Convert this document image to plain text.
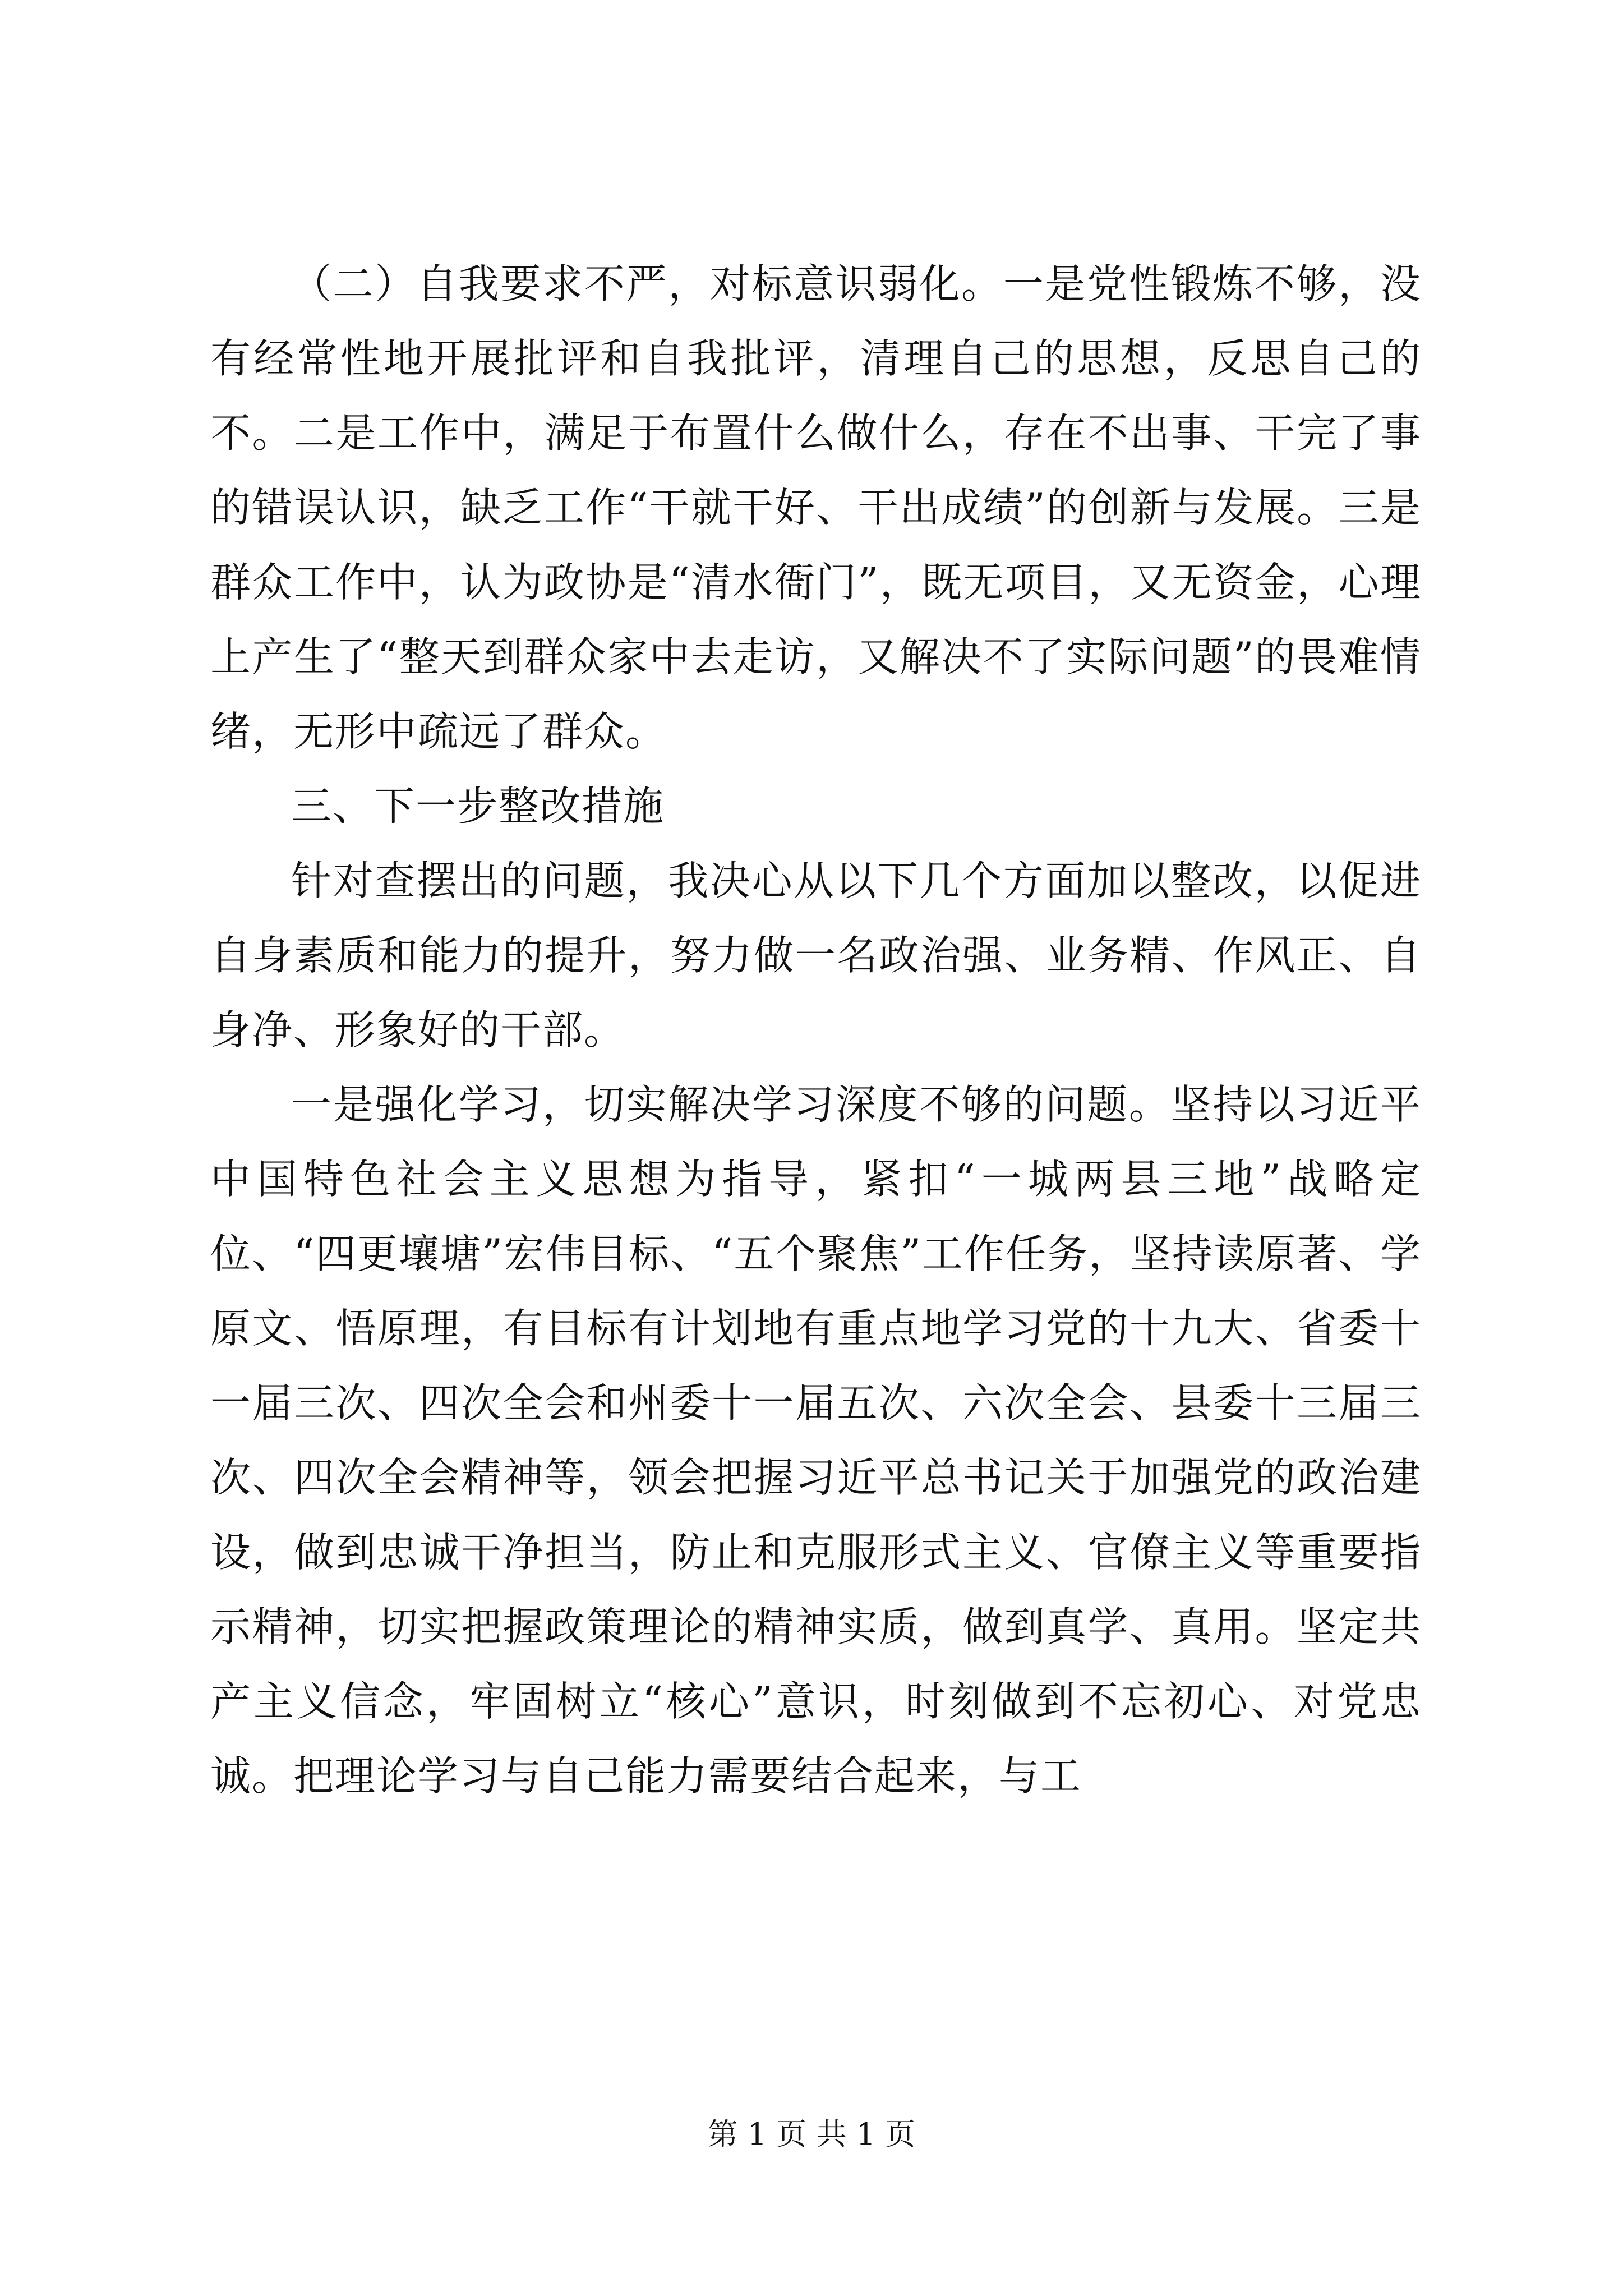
（二）自我要求不严，对标意识弱化。一是党性锻炼不够，没有经常性地开展批评和自我批评，清理自己的思想，反思自己的不。二是工作中，满足于布置什么做什么，存在不出事、干完了事的错误认识，缺乏工作“干就干好、干出成绩”的创新与发展。三是群众工作中，认为政协是“清水衙门”，既无项目，又无资金，心理上产生了“整天到群众家中去走访，又解决不了实际问题”的畏难情绪，无形中疏远了群众。

三、下一步整改措施

针对查摆出的问题，我决心从以下几个方面加以整改，以促进自身素质和能力的提升，努力做一名政治强、业务精、作风正、自身净、形象好的干部。

一是强化学习，切实解决学习深度不够的问题。坚持以习近平中国特色社会主义思想为指导，紧扣“一城两县三地”战略定位、“四更壤塘”宏伟目标、“五个聚焦”工作任务，坚持读原著、学原文、悟原理，有目标有计划地有重点地学习党的十九大、省委十一届三次、四次全会和州委十一届五次、六次全会、县委十三届三次、四次全会精神等，领会把握习近平总书记关于加强党的政治建设，做到忠诚干净担当，防止和克服形式主义、官僚主义等重要指示精神，切实把握政策理论的精神实质，做到真学、真用。坚定共产主义信念，牢固树立“核心”意识，时刻做到不忘初心、对党忠诚。把理论学习与自己能力需要结合起来，与工

第 1 页 共 1 页
